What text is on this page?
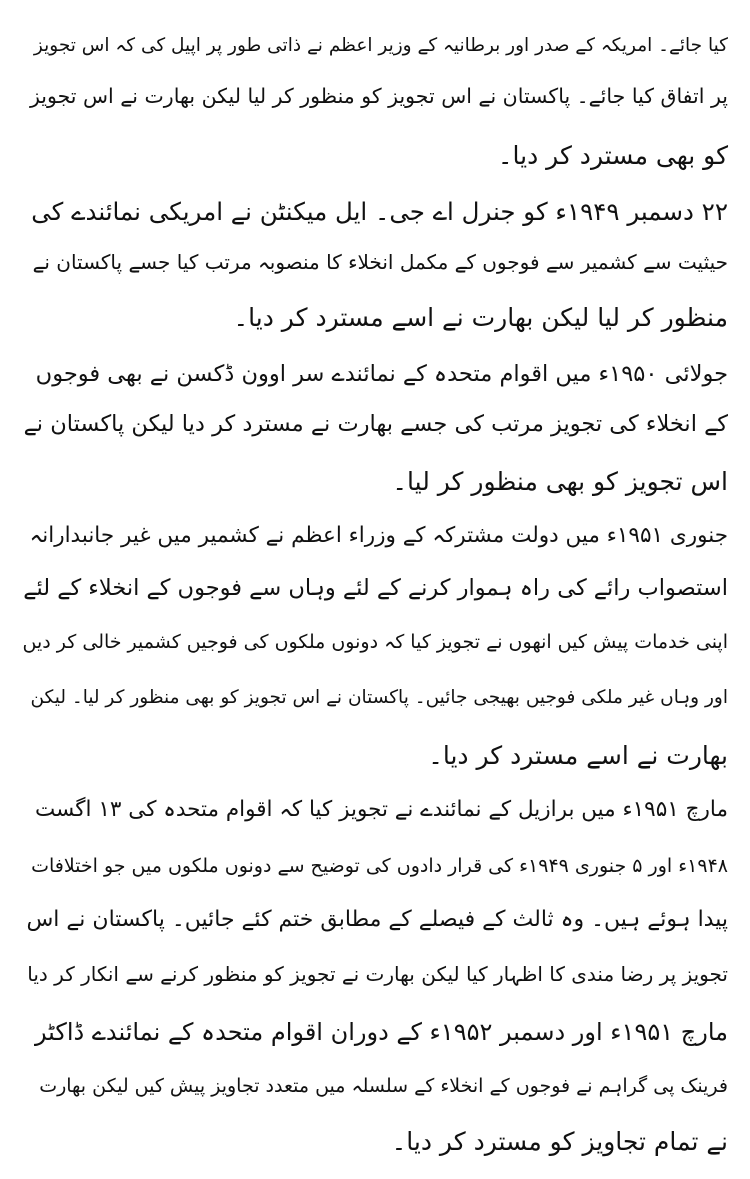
کیا جائے۔ امریکہ کے صدر اور برطانیہ کے وزیر اعظم نے ذاتی طور پر اپیل کی کہ اس تجویز
پر اتفاق کیا جائے۔ پاکستان نے اس تجویز کو منظور کر لیا لیکن بھارت نے اس تجویز
کو بھی مسترد کر دیا۔
۲۲ دسمبر ۱۹۴۹ء کو جنرل اے جی۔ ایل میکنٹن نے امریکی نمائندے کی
حیثیت سے کشمیر سے فوجوں کے مکمل انخلاء کا منصوبہ مرتب کیا جسے پاکستان نے
منظور کر لیا لیکن بھارت نے اسے مسترد کر دیا۔
جولائی ۱۹۵۰ء میں اقوام متحدہ کے نمائندے سر اوون ڈکسن نے بھی فوجوں
کے انخلاء کی تجویز مرتب کی جسے بھارت نے مسترد کر دیا لیکن پاکستان نے
اس تجویز کو بھی منظور کر لیا۔
جنوری ۱۹۵۱ء میں دولت مشترکہ کے وزراء اعظم نے کشمیر میں غیر جانبدارانہ
استصواب رائے کی راہ ہموار کرنے کے لئے وہاں سے فوجوں کے انخلاء کے لئے
اپنی خدمات پیش کیں انھوں نے تجویز کیا کہ دونوں ملکوں کی فوجیں کشمیر خالی کر دیں
اور وہاں غیر ملکی فوجیں بھیجی جائیں۔ پاکستان نے اس تجویز کو بھی منظور کر لیا۔ لیکن
بھارت نے اسے مسترد کر دیا۔
مارچ ۱۹۵۱ء میں برازیل کے نمائندے نے تجویز کیا کہ اقوام متحدہ کی ۱۳ اگست
۱۹۴۸ء اور ۵ جنوری ۱۹۴۹ء کی قرار دادوں کی توضیح سے دونوں ملکوں میں جو اختلافات
پیدا ہوئے ہیں۔ وہ ثالث کے فیصلے کے مطابق ختم کئے جائیں۔ پاکستان نے اس
تجویز پر رضا مندی کا اظہار کیا لیکن بھارت نے تجویز کو منظور کرنے سے انکار کر دیا
مارچ ۱۹۵۱ء اور دسمبر ۱۹۵۲ء کے دوران اقوام متحدہ کے نمائندے ڈاکٹر
فرینک پی گراہم نے فوجوں کے انخلاء کے سلسلہ میں متعدد تجاویز پیش کیں لیکن بھارت
نے تمام تجاویز کو مسترد کر دیا۔
